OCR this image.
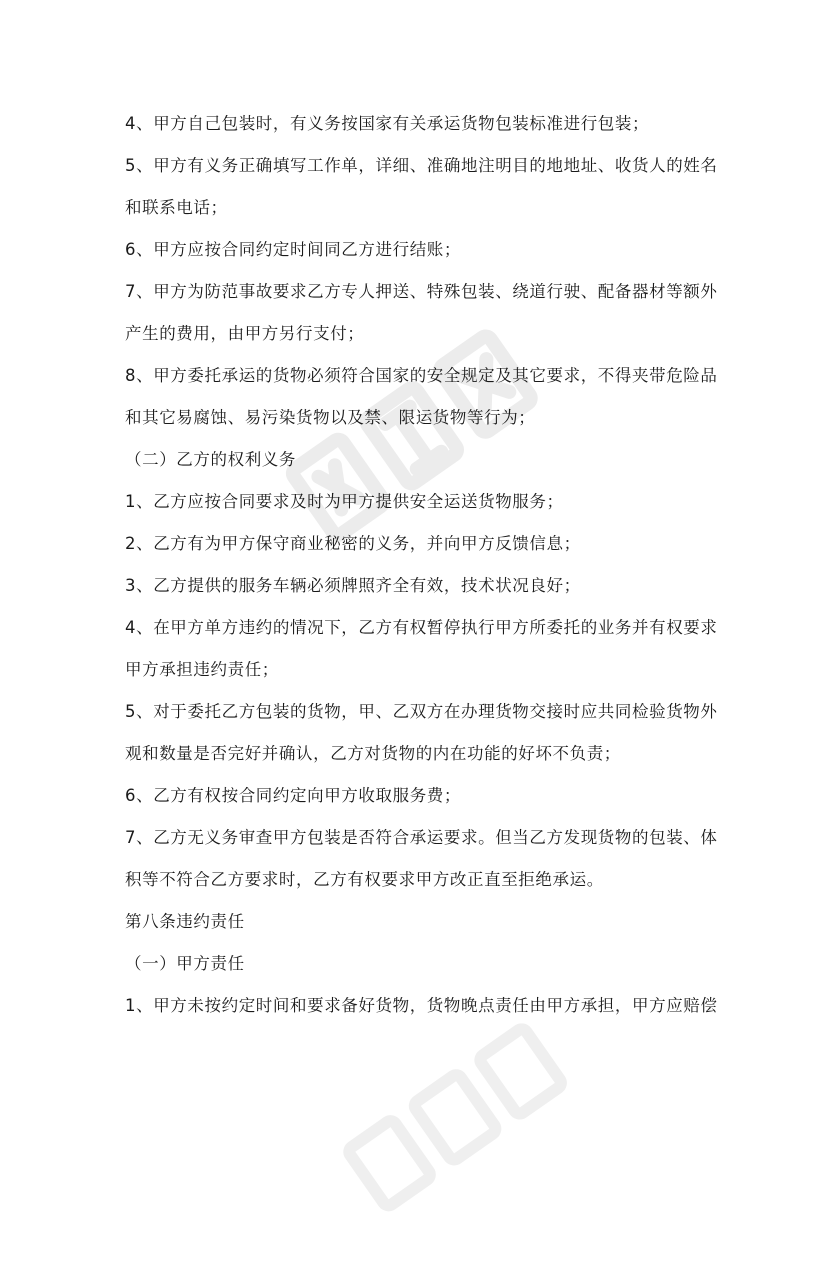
4、甲方自己包装时，有义务按国家有关承运货物包装标准进行包装；
5、甲方有义务正确填写工作单，详细、准确地注明目的地地址、收货人的姓名
和联系电话；
6、甲方应按合同约定时间同乙方进行结账；
7、甲方为防范事故要求乙方专人押送、特殊包装、绕道行驶、配备器材等额外
产生的费用，由甲方另行支付；
8、甲方委托承运的货物必须符合国家的安全规定及其它要求，不得夹带危险品
和其它易腐蚀、易污染货物以及禁、限运货物等行为；
（二）乙方的权利义务
1、乙方应按合同要求及时为甲方提供安全运送货物服务；
2、乙方有为甲方保守商业秘密的义务，并向甲方反馈信息；
3、乙方提供的服务车辆必须牌照齐全有效，技术状况良好；
4、在甲方单方违约的情况下，乙方有权暂停执行甲方所委托的业务并有权要求
甲方承担违约责任；
5、对于委托乙方包装的货物，甲、乙双方在办理货物交接时应共同检验货物外
观和数量是否完好并确认，乙方对货物的内在功能的好坏不负责；
6、乙方有权按合同约定向甲方收取服务费；
7、乙方无义务审查甲方包装是否符合承运要求。但当乙方发现货物的包装、体
积等不符合乙方要求时，乙方有权要求甲方改正直至拒绝承运。
第八条违约责任
（一）甲方责任
1、甲方未按约定时间和要求备好货物，货物晚点责任由甲方承担，甲方应赔偿
